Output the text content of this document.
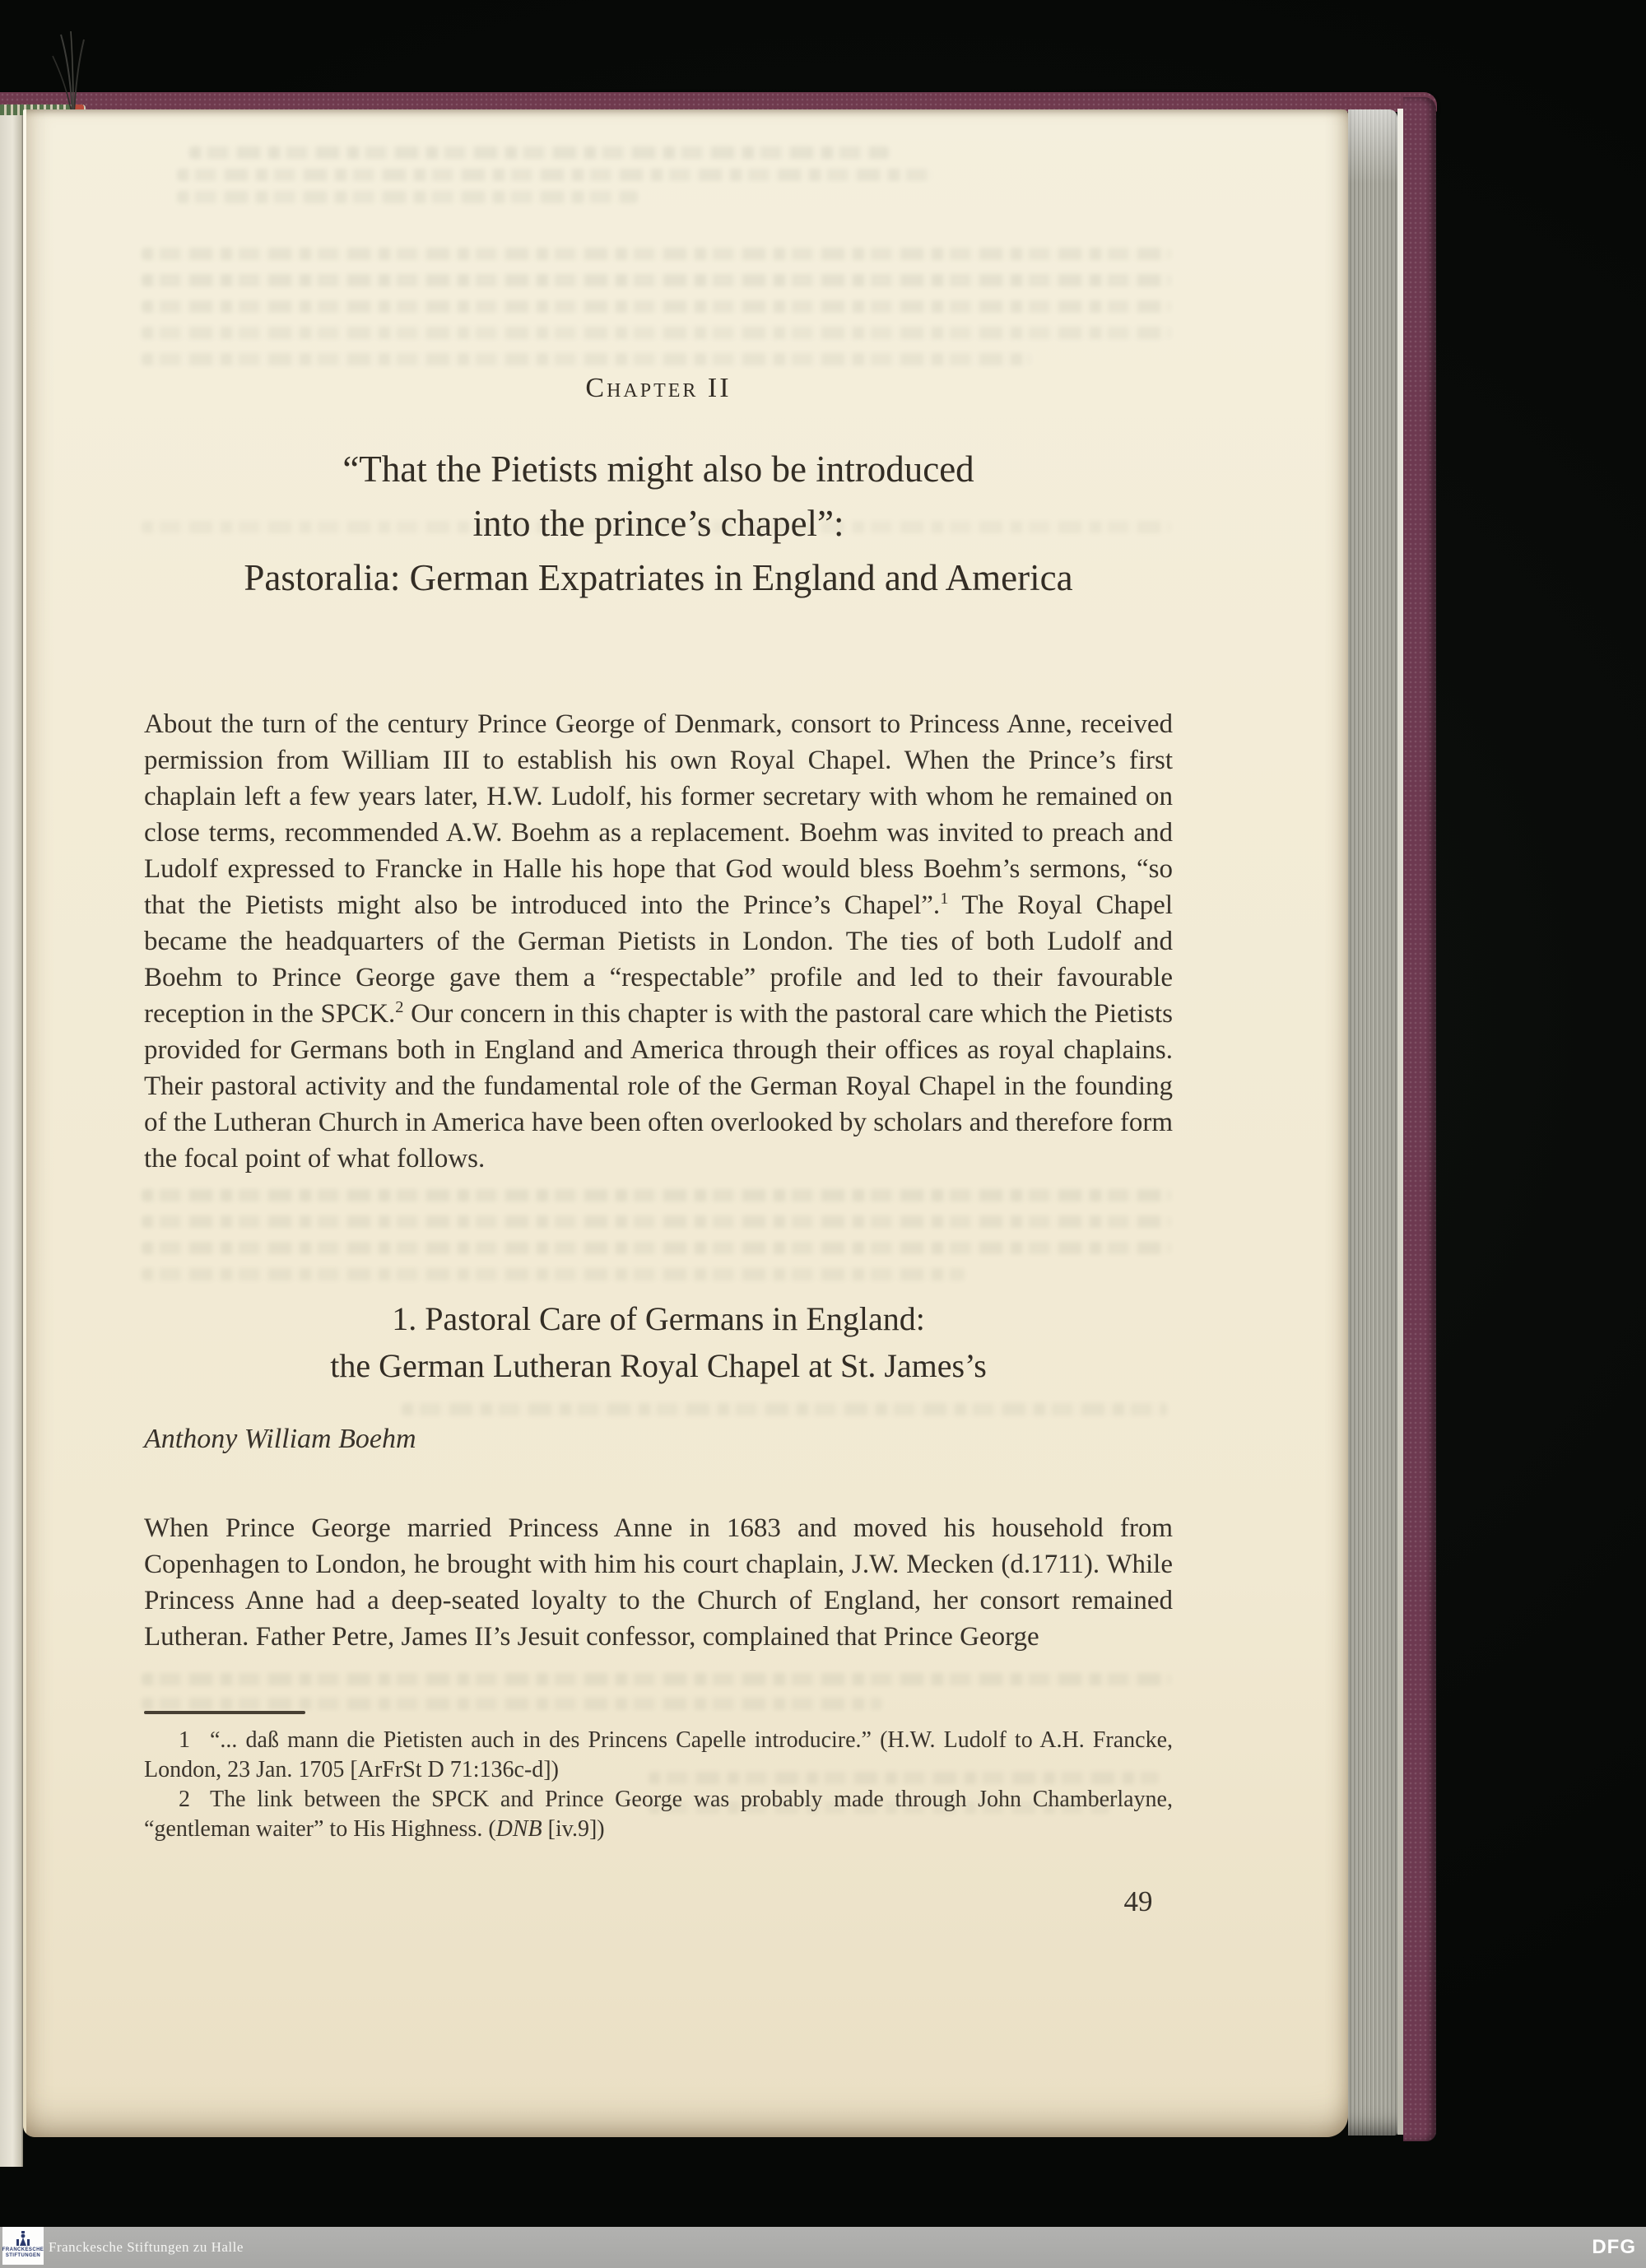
Chapter II
“That the Pietists might also be introduced
into the prince’s chapel”:
Pastoralia: German Expatriates in England and America

About the turn of the century Prince George of Denmark, consort to Princess Anne, received permission from William III to establish his own Royal Chapel. When the Prince’s first chaplain left a few years later, H.W. Ludolf, his former secretary with whom he remained on close terms, recommended A.W. Boehm as a replacement. Boehm was invited to preach and Ludolf expressed to Francke in Halle his hope that God would bless Boehm’s sermons, “so that the Pietists might also be introduced into the Prince’s Chapel”.$^1$ The Royal Chapel became the headquarters of the German Pietists in London. The ties of both Ludolf and Boehm to Prince George gave them a “respectable” profile and led to their favourable reception in the SPCK.$^2$ Our concern in this chapter is with the pastoral care which the Pietists provided for Germans both in England and America through their offices as royal chaplains. Their pastoral activity and the fundamental role of the German Royal Chapel in the founding of the Lutheran Church in America have been often overlooked by scholars and therefore form the focal point of what follows.

1. Pastoral Care of Germans in England:
the German Lutheran Royal Chapel at St. James’s
Anthony William Boehm

When Prince George married Princess Anne in 1683 and moved his household from Copenhagen to London, he brought with him his court chaplain, J.W. Mecken (d.1711). While Princess Anne had a deep-seated loyalty to the Church of England, her consort remained Lutheran. Father Petre, James II’s Jesuit confessor, complained that Prince George

1 “... daß mann die Pietisten auch in des Princens Capelle introducire.” (H.W. Ludolf to A.H. Francke, London, 23 Jan. 1705 [ArFrSt D 71:136c-d])

2 The link between the SPCK and Prince George was probably made through John Chamberlayne, “gentleman waiter” to His Highness. (DNB [iv.9])

49
FRANCKESCHE
STIFTUNGEN
Franckesche Stiftungen zu Halle	DFG
